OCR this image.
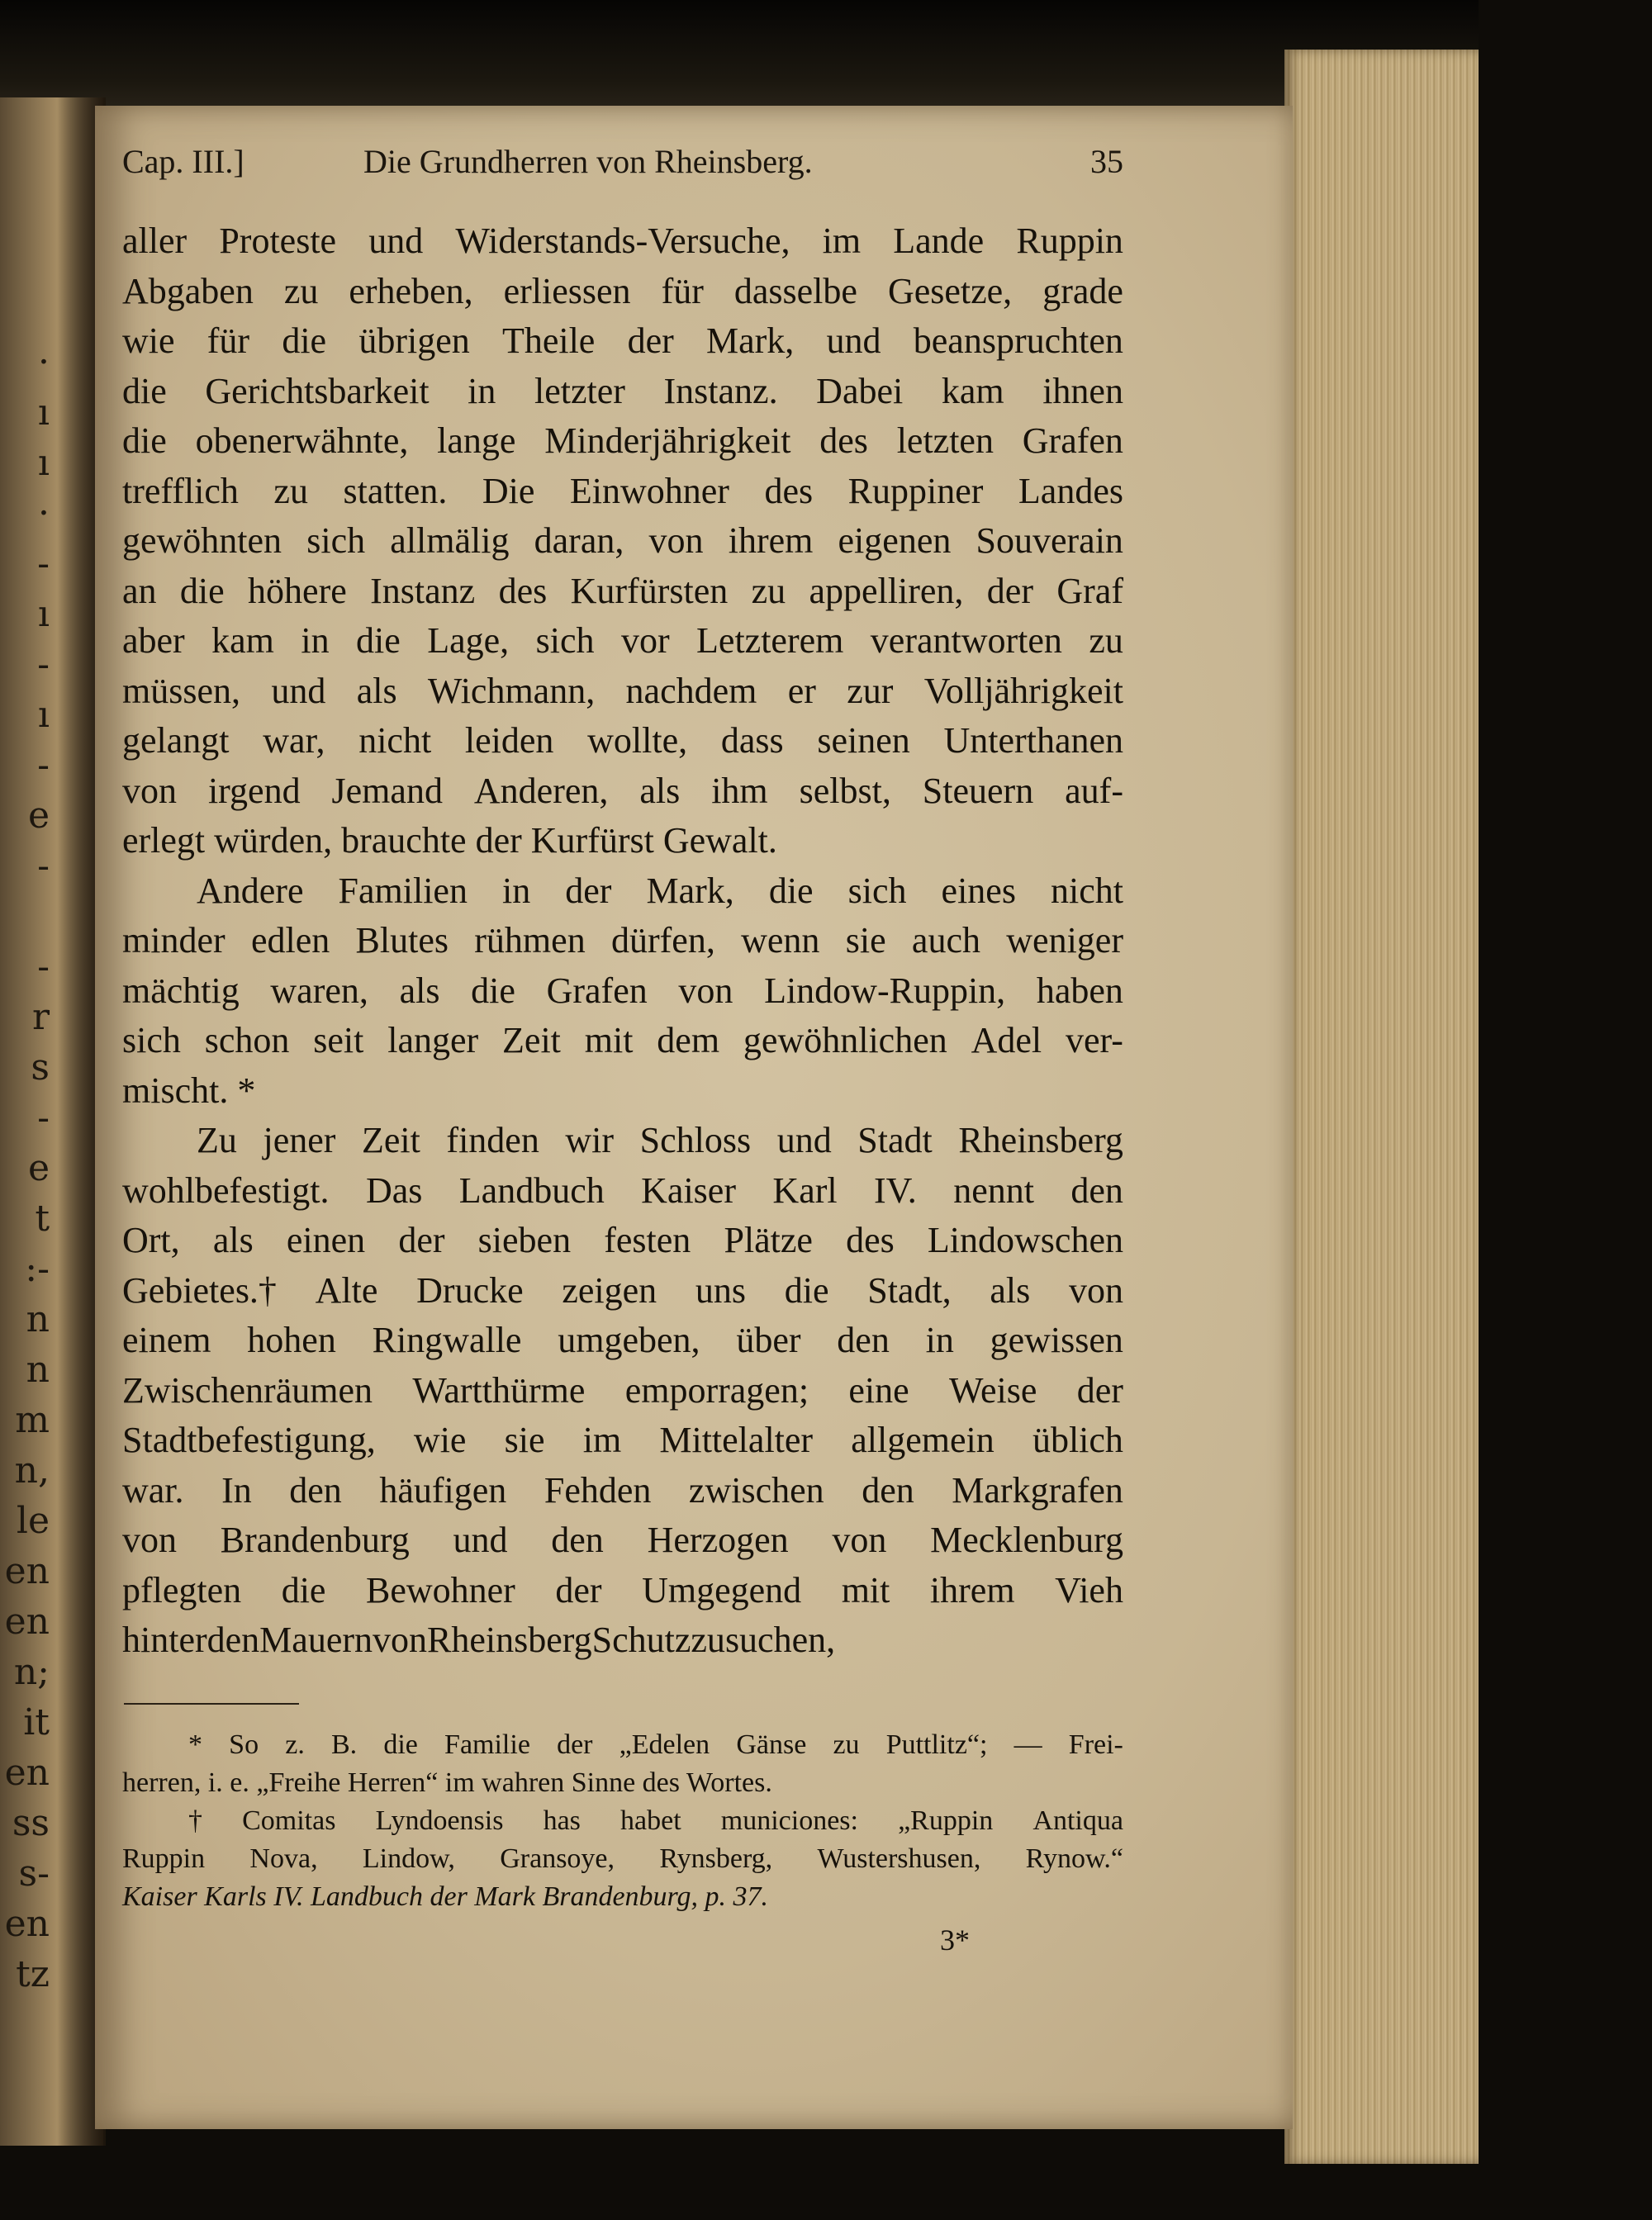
·
ı
ı
·
-
ı
-
ı
-
e
-
-
r
s
-
e
t
:-
n
n
m
n,
le
en
en
n;
it
en
ss
s-
en
tz
Cap. III.]	Die Grundherren von Rheinsberg.	35
aller Proteste und Widerstands-Versuche, im Lande Ruppin
Abgaben zu erheben, erliessen für dasselbe Gesetze, grade
wie für die übrigen Theile der Mark, und beanspruchten
die Gerichtsbarkeit in letzter Instanz. Dabei kam ihnen
die obenerwähnte, lange Minderjährigkeit des letzten Grafen
trefflich zu statten. Die Einwohner des Ruppiner Landes
gewöhnten sich allmälig daran, von ihrem eigenen Souverain
an die höhere Instanz des Kurfürsten zu appelliren, der Graf
aber kam in die Lage, sich vor Letzterem verantworten zu
müssen, und als Wichmann, nachdem er zur Volljährigkeit
gelangt war, nicht leiden wollte, dass seinen Unterthanen
von irgend Jemand Anderen, als ihm selbst, Steuern auf-
erlegt würden, brauchte der Kurfürst Gewalt.
Andere Familien in der Mark, die sich eines nicht
minder edlen Blutes rühmen dürfen, wenn sie auch weniger
mächtig waren, als die Grafen von Lindow-Ruppin, haben
sich schon seit langer Zeit mit dem gewöhnlichen Adel ver-
mischt. *
Zu jener Zeit finden wir Schloss und Stadt Rheinsberg
wohlbefestigt. Das Landbuch Kaiser Karl IV. nennt den
Ort, als einen der sieben festen Plätze des Lindowschen
Gebietes.† Alte Drucke zeigen uns die Stadt, als von
einem hohen Ringwalle umgeben, über den in gewissen
Zwischenräumen Wartthürme emporragen; eine Weise der
Stadtbefestigung, wie sie im Mittelalter allgemein üblich
war. In den häufigen Fehden zwischen den Markgrafen
von Brandenburg und den Herzogen von Mecklenburg
pflegten die Bewohner der Umgegend mit ihrem Vieh
hinter den Mauern von Rheinsberg Schutz zu suchen,
* So z. B. die Familie der „Edelen Gänse zu Puttlitz“; — Frei-
herren, i. e. „Freihe Herren“ im wahren Sinne des Wortes.
† Comitas Lyndoensis has habet municiones: „Ruppin Antiqua
Ruppin Nova, Lindow, Gransoye, Rynsberg, Wustershusen, Rynow.“
Kaiser Karls IV. Landbuch der Mark Brandenburg, p. 37.
3*
